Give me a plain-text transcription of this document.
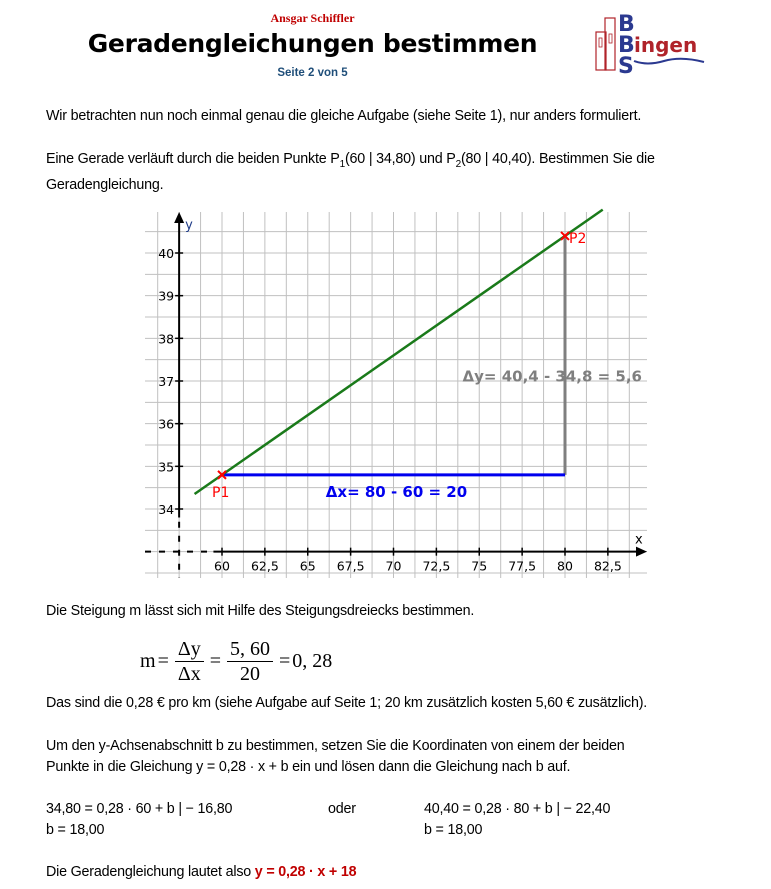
Ansgar Schiffler
Geradengleichungen bestimmen
Seite 2 von 5
B
B
S
ingen
Wir betrachten nun noch einmal genau die gleiche Aufgabe (siehe Seite 1), nur anders formuliert.
Eine Gerade verläuft durch die beiden Punkte $P_1(60$ | 34,80) und $P_2(80$ | 40,40). Bestimmen Sie die Geradengleichung.
x
y
60 62,5 65 67,5 70 72,5 75 77,5 80 82,5
34
35
36
37
38
39
40
Δy= 40,4 - 34,8 = 5,6
Δx= 80 - 60 = 20
P1
P2
Die Steigung m lässt sich mit Hilfe des Steigungsdreiecks bestimmen.
$m = \frac{\Delta y}{\Delta x} = \frac{5, 60}{20} = 0$, 28
Das sind die 0,28 € pro km (siehe Aufgabe auf Seite 1; 20 km zusätzlich kosten 5,60 € zusätzlich).
Um den y-Achsenabschnitt b zu bestimmen, setzen Sie die Koordinaten von einem der beiden
Punkte in die Gleichung y = 0,28 · x + b ein und lösen dann die Gleichung nach b auf.
34,80 = 0,28 · 60 + b | − 16,80
b = 18,00
oder	40,40 = 0,28 · 80 + b | − 22,40
b = 18,00
Die Geradengleichung lautet also y = 0,28 · x + 18
